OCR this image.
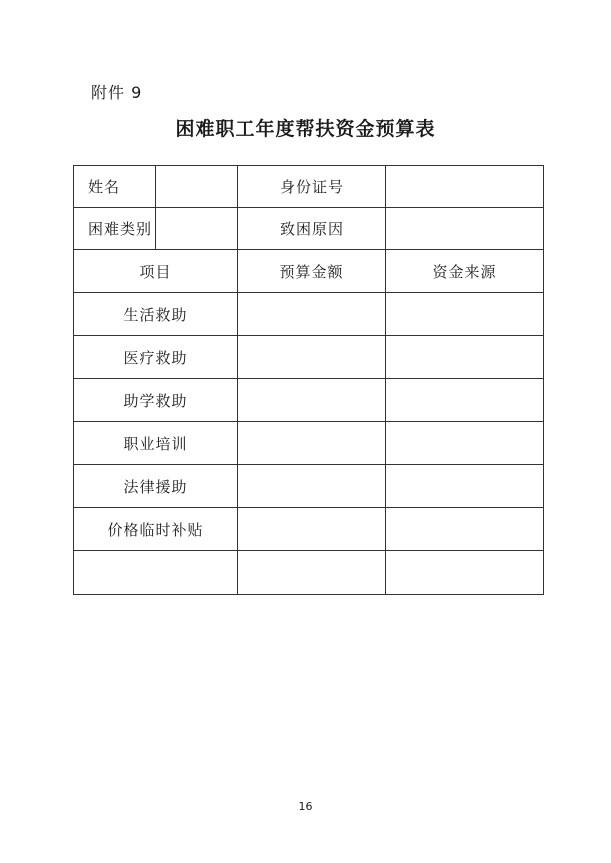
附件 9
困难职工年度帮扶资金预算表
姓名		身份证号	
困难类别		致困原因	
项目		预算金额	资金来源
生活救助			
医疗救助			
助学救助			
职业培训			
法律援助			
价格临时补贴			

16
